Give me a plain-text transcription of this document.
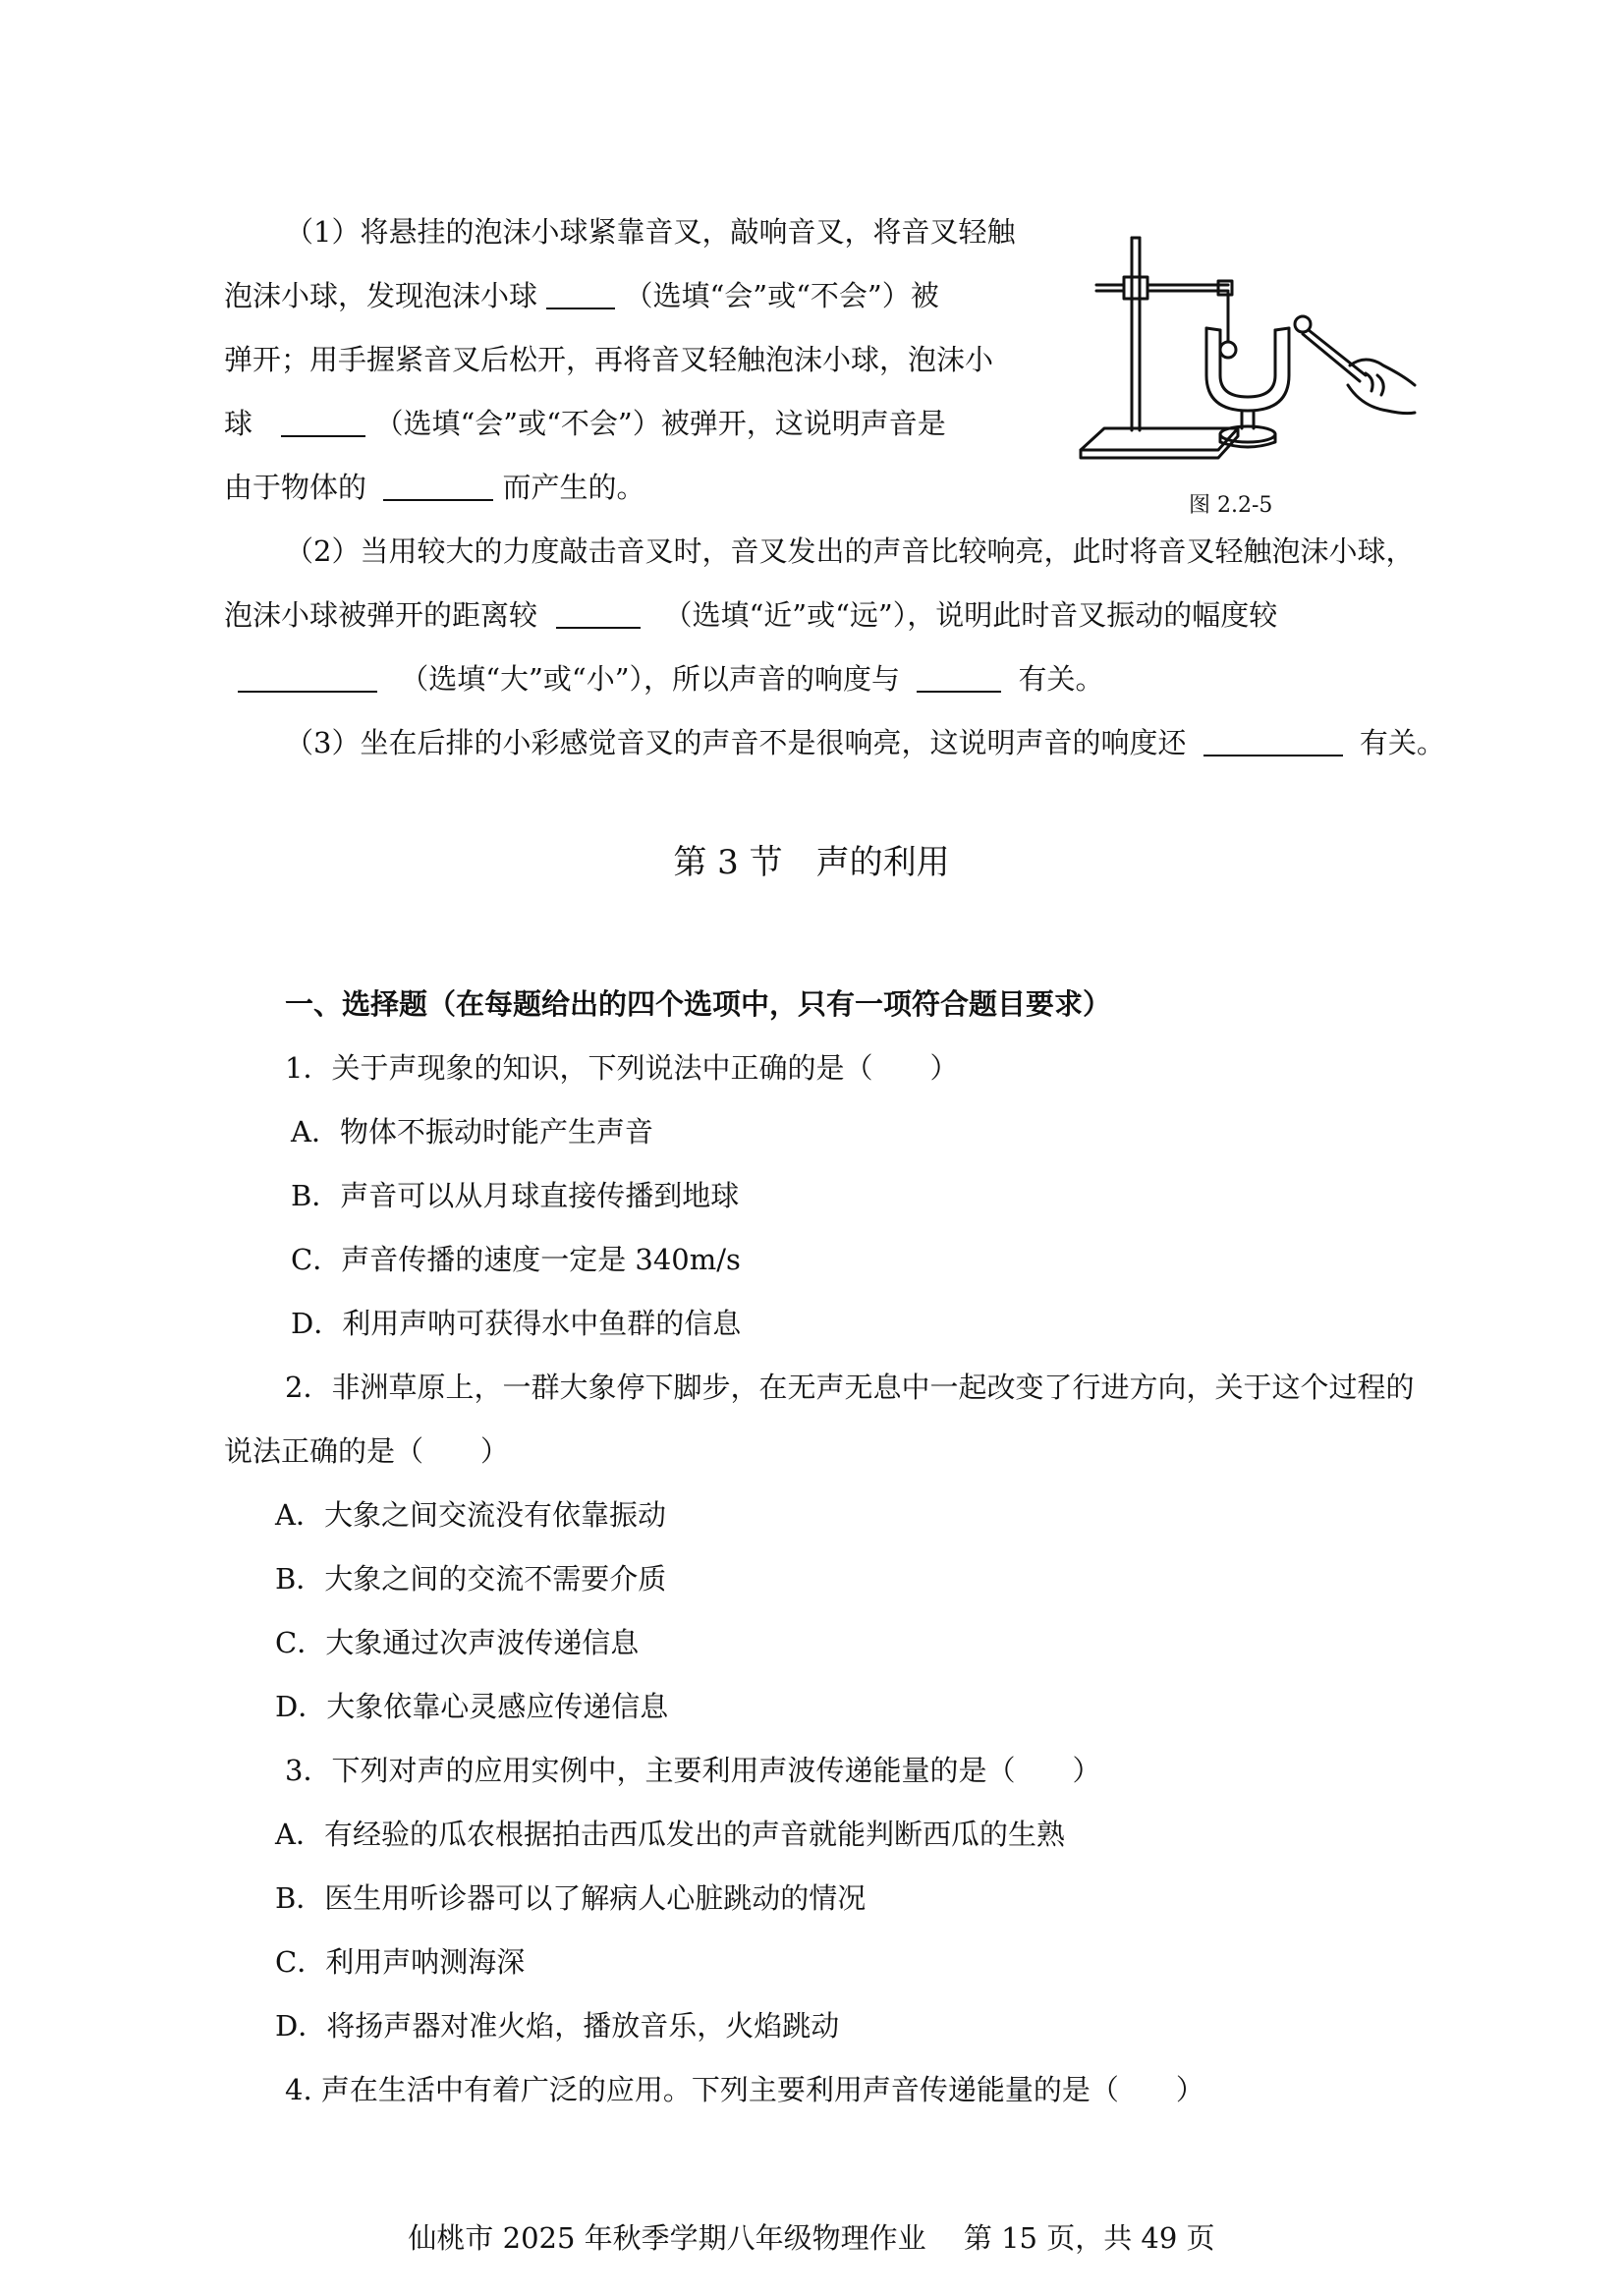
（1）将悬挂的泡沫小球紧靠音叉，敲响音叉，将音叉轻触
泡沫小球，发现泡沫小球	（选填“会”或“不会”）被
弹开；用手握紧音叉后松开，再将音叉轻触泡沫小球，泡沫小
球	（选填“会”或“不会”）被弹开，这说明声音是
由于物体的	而产生的。
图 2.2-5
（2）当用较大的力度敲击音叉时，音叉发出的声音比较响亮，此时将音叉轻触泡沫小球，
泡沫小球被弹开的距离较	（选填“近”或“远”），说明此时音叉振动的幅度较
（选填“大”或“小”），所以声音的响度与	有关。
（3）坐在后排的小彩感觉音叉的声音不是很响亮，这说明声音的响度还	有关。
第 3 节　声的利用
一、选择题（在每题给出的四个选项中，只有一项符合题目要求）
1．关于声现象的知识，下列说法中正确的是（　　）
A．物体不振动时能产生声音
B．声音可以从月球直接传播到地球
C．声音传播的速度一定是 340m/s
D．利用声呐可获得水中鱼群的信息
2．非洲草原上，一群大象停下脚步，在无声无息中一起改变了行进方向，关于这个过程的
说法正确的是（　　）
A．大象之间交流没有依靠振动
B．大象之间的交流不需要介质
C．大象通过次声波传递信息
D．大象依靠心灵感应传递信息
3．下列对声的应用实例中，主要利用声波传递能量的是（　　）
A．有经验的瓜农根据拍击西瓜发出的声音就能判断西瓜的生熟
B．医生用听诊器可以了解病人心脏跳动的情况
C．利用声呐测海深
D．将扬声器对准火焰，播放音乐，火焰跳动
4. 声在生活中有着广泛的应用。下列主要利用声音传递能量的是（　　）
仙桃市 2025 年秋季学期八年级物理作业　 第 15 页，共 49 页
